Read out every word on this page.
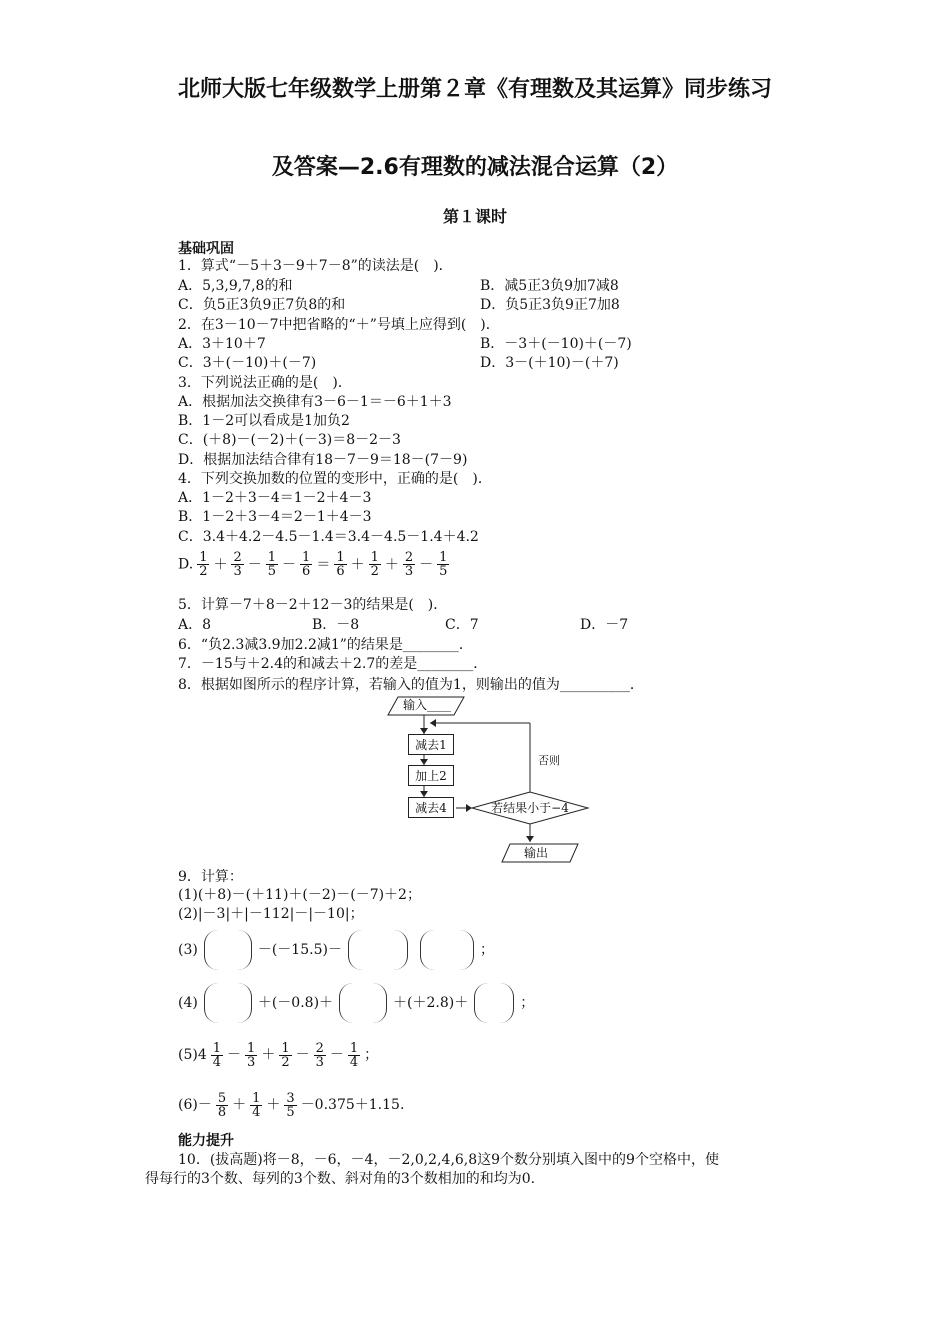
北师大版七年级数学上册第２章《有理数及其运算》同步练习
及答案—2.6有理数的减法混合运算（2）
第１课时
基础巩固
1．算式“－5＋3－9＋7－8”的读法是(　)．
A．5,3,9,7,8的和	B．减5正3负9加7减8
C．负5正3负9正7负8的和	D．负5正3负9正7加8
2．在3－10－7中把省略的“＋”号填上应得到(　)．
A．3＋10＋7	B．－3＋(－10)＋(－7)
C．3＋(－10)＋(－7)	D．3－(＋10)－(＋7)
3．下列说法正确的是(　)．
A．根据加法交换律有3－6－1＝－6＋1＋3
B．1－2可以看成是1加负2
C．(＋8)－(－2)＋(－3)＝8－2－3
D．根据加法结合律有18－7－9＝18－(7－9)
4．下列交换加数的位置的变形中，正确的是(　)．
A．1－2＋3－4＝1－2＋4－3
B．1－2＋3－4＝2－1＋4－3
C．3.4＋4.2－4.5－1.4＝3.4－4.5－1.4＋4.2
D. $\frac{1}{2} + \frac{2}{3} - \frac{1}{5} - \frac{1}{6} = \frac{1}{6} + \frac{1}{2} + \frac{2}{3} - \frac{1}{5}$
5．计算－7＋8－2＋12－3的结果是(　)．
A．8	B．－8	C．7	D．－7
6．“负2.3减3.9加2.2减1”的结果是________．
7．－15与＋2.4的和减去＋2.7的差是________．
8．根据如图所示的程序计算，若输入的值为1，则输出的值为__________．
输入____
减去1
加上2
减去4	若结果小于−4
否则
输出
9．计算：
(1)(＋8)－(＋11)＋(－2)－(－7)＋2；
(2)|－3|＋|－112|－|－10|；
(3)	－(－15.5)－	；
(4)	＋(－0.8)＋	＋(＋2.8)＋	；
$(5)4 \frac{1}{4} - \frac{1}{3} + \frac{1}{2} - \frac{2}{3} - \frac{1}{4}$ ；
$(6)- \frac{5}{8} + \frac{1}{4} + \frac{3}{5} -0.375+1.15$.
能力提升
10．(拔高题)将－8，－6，－4，－2,0,2,4,6,8这9个数分别填入图中的9个空格中，使
得每行的3个数、每列的3个数、斜对角的3个数相加的和均为0.
